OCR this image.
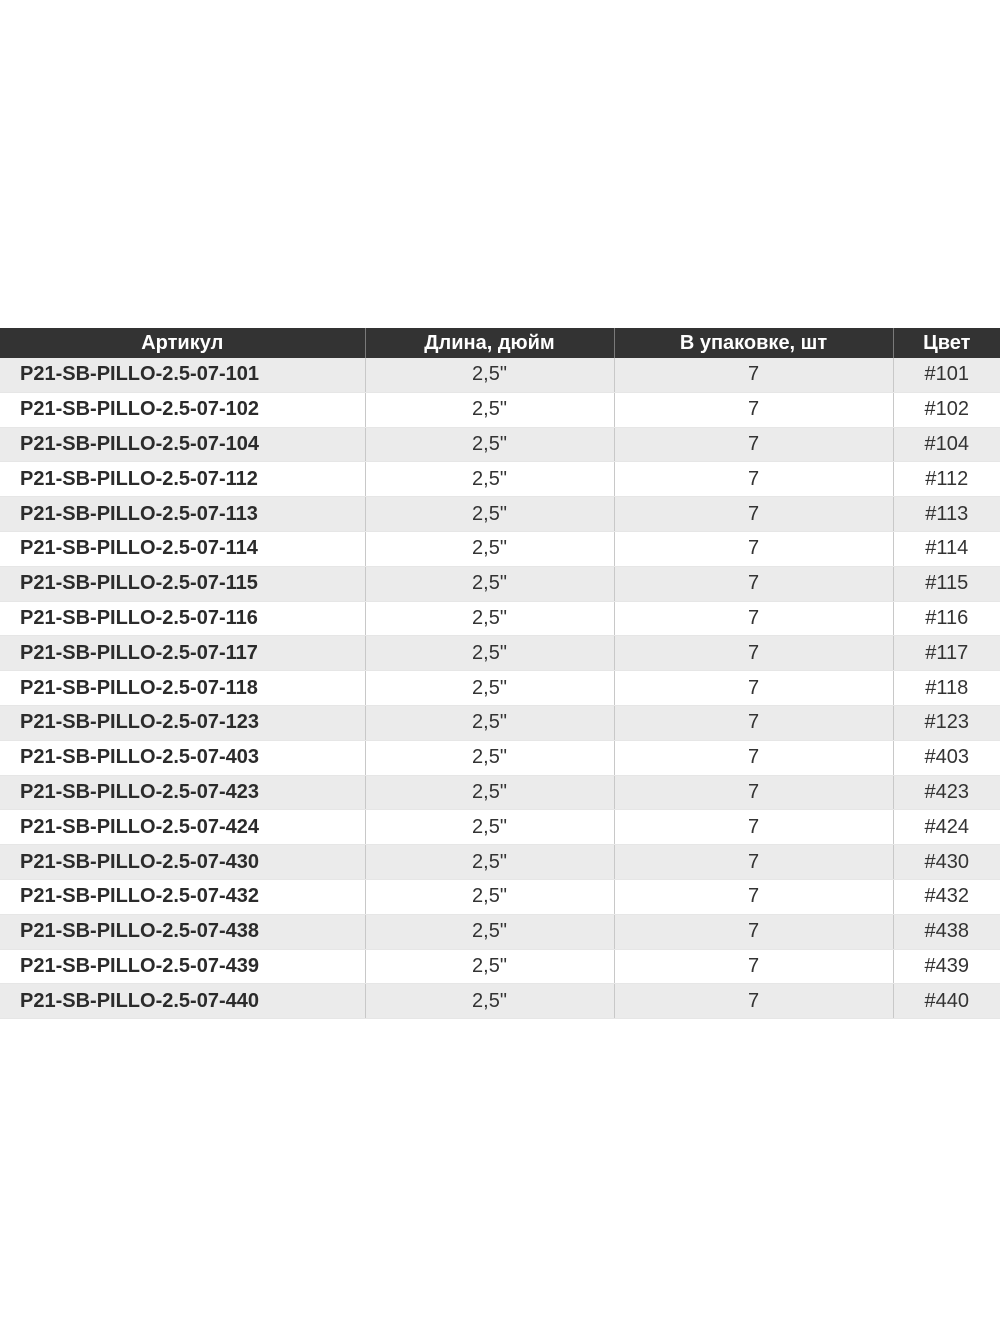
Артикул	Длина, дюйм	В упаковке, шт	Цвет
P21-SB-PILLO-2.5-07-101	2,5"	7	#101
P21-SB-PILLO-2.5-07-102	2,5"	7	#102
P21-SB-PILLO-2.5-07-104	2,5"	7	#104
P21-SB-PILLO-2.5-07-112	2,5"	7	#112
P21-SB-PILLO-2.5-07-113	2,5"	7	#113
P21-SB-PILLO-2.5-07-114	2,5"	7	#114
P21-SB-PILLO-2.5-07-115	2,5"	7	#115
P21-SB-PILLO-2.5-07-116	2,5"	7	#116
P21-SB-PILLO-2.5-07-117	2,5"	7	#117
P21-SB-PILLO-2.5-07-118	2,5"	7	#118
P21-SB-PILLO-2.5-07-123	2,5"	7	#123
P21-SB-PILLO-2.5-07-403	2,5"	7	#403
P21-SB-PILLO-2.5-07-423	2,5"	7	#423
P21-SB-PILLO-2.5-07-424	2,5"	7	#424
P21-SB-PILLO-2.5-07-430	2,5"	7	#430
P21-SB-PILLO-2.5-07-432	2,5"	7	#432
P21-SB-PILLO-2.5-07-438	2,5"	7	#438
P21-SB-PILLO-2.5-07-439	2,5"	7	#439
P21-SB-PILLO-2.5-07-440	2,5"	7	#440
